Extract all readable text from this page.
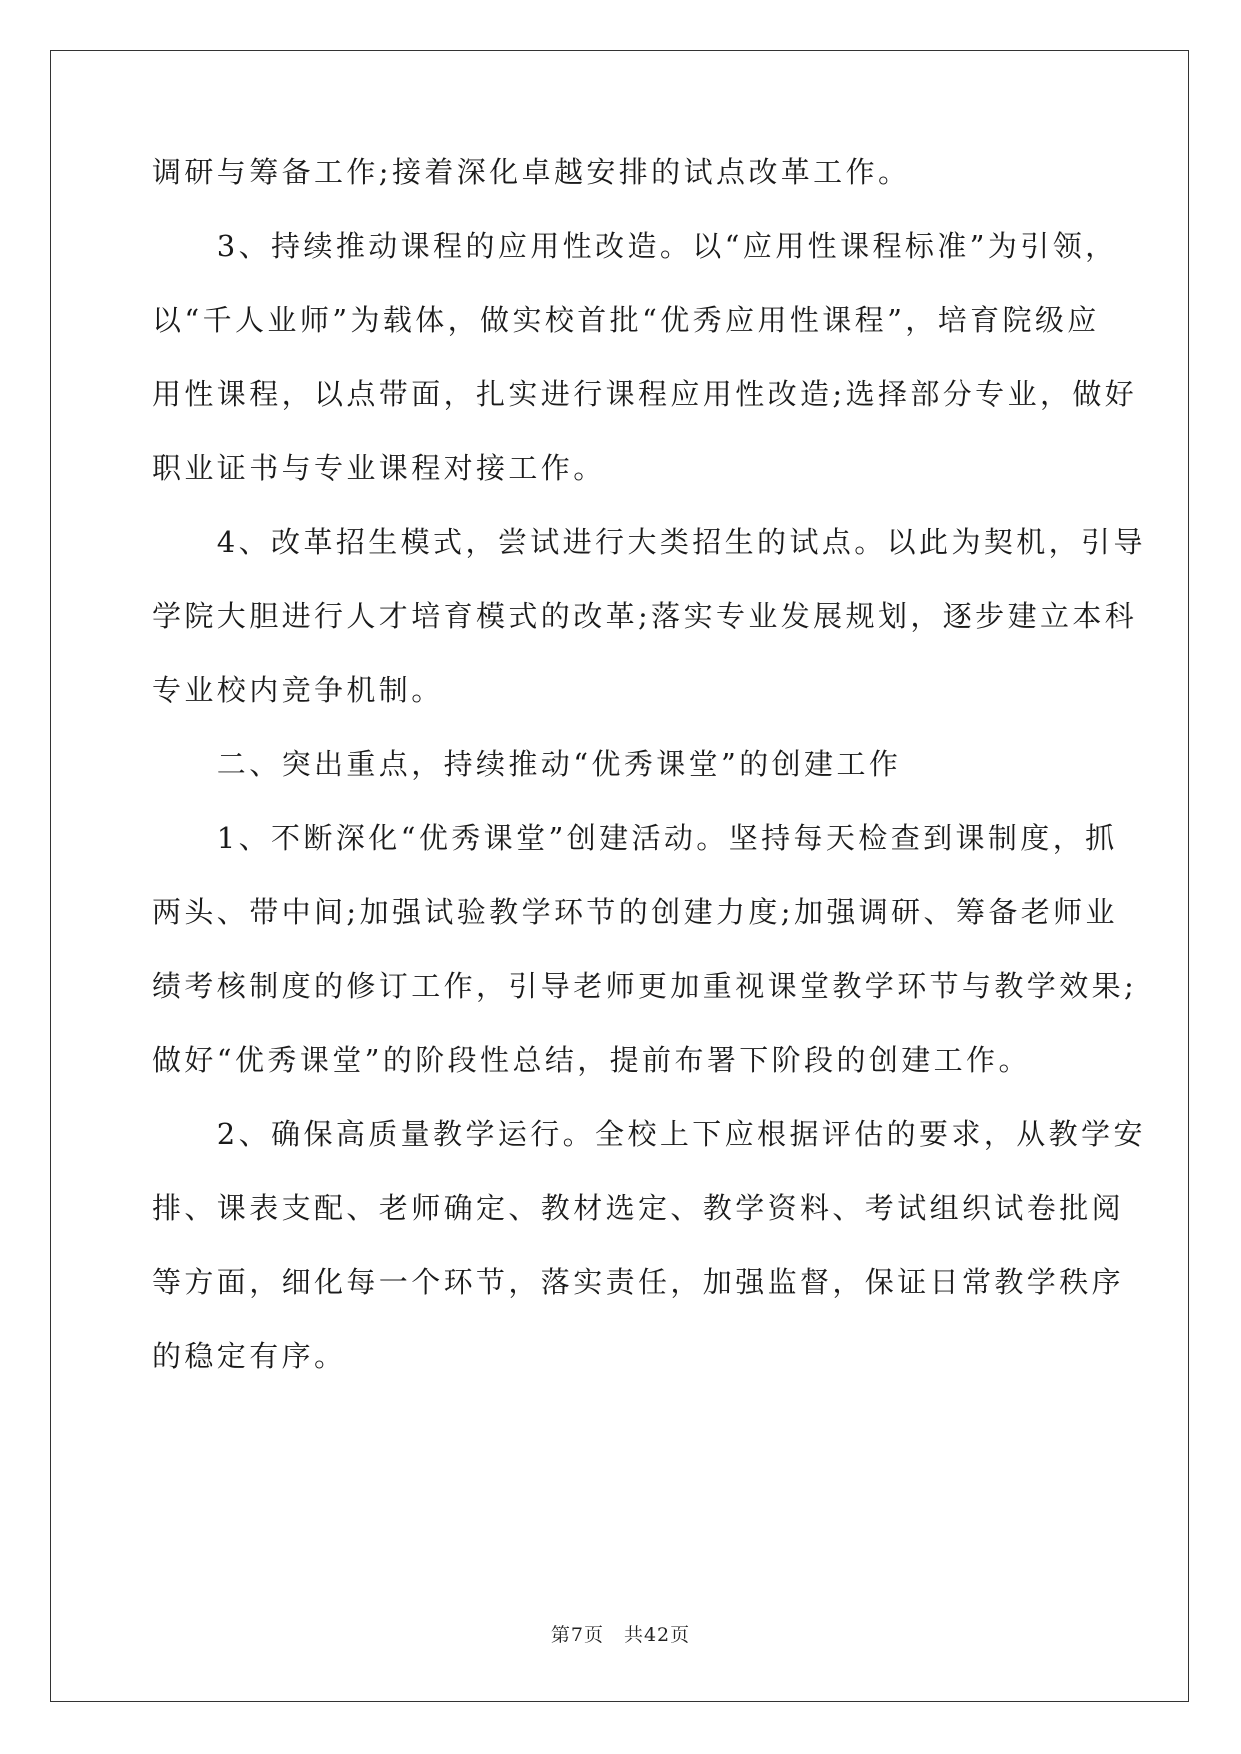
调研与筹备工作;接着深化卓越安排的试点改革工作。
　　3、持续推动课程的应用性改造。以“应用性课程标准”为引领，
以“千人业师”为载体，做实校首批“优秀应用性课程”，培育院级应
用性课程，以点带面，扎实进行课程应用性改造;选择部分专业，做好
职业证书与专业课程对接工作。
　　4、改革招生模式，尝试进行大类招生的试点。以此为契机，引导
学院大胆进行人才培育模式的改革;落实专业发展规划，逐步建立本科
专业校内竞争机制。
　　二、突出重点，持续推动“优秀课堂”的创建工作
　　1、不断深化“优秀课堂”创建活动。坚持每天检查到课制度，抓
两头、带中间;加强试验教学环节的创建力度;加强调研、筹备老师业
绩考核制度的修订工作，引导老师更加重视课堂教学环节与教学效果;
做好“优秀课堂”的阶段性总结，提前布署下阶段的创建工作。
　　2、确保高质量教学运行。全校上下应根据评估的要求，从教学安
排、课表支配、老师确定、教材选定、教学资料、考试组织试卷批阅
等方面，细化每一个环节，落实责任，加强监督，保证日常教学秩序
的稳定有序。
第7页　共42页
